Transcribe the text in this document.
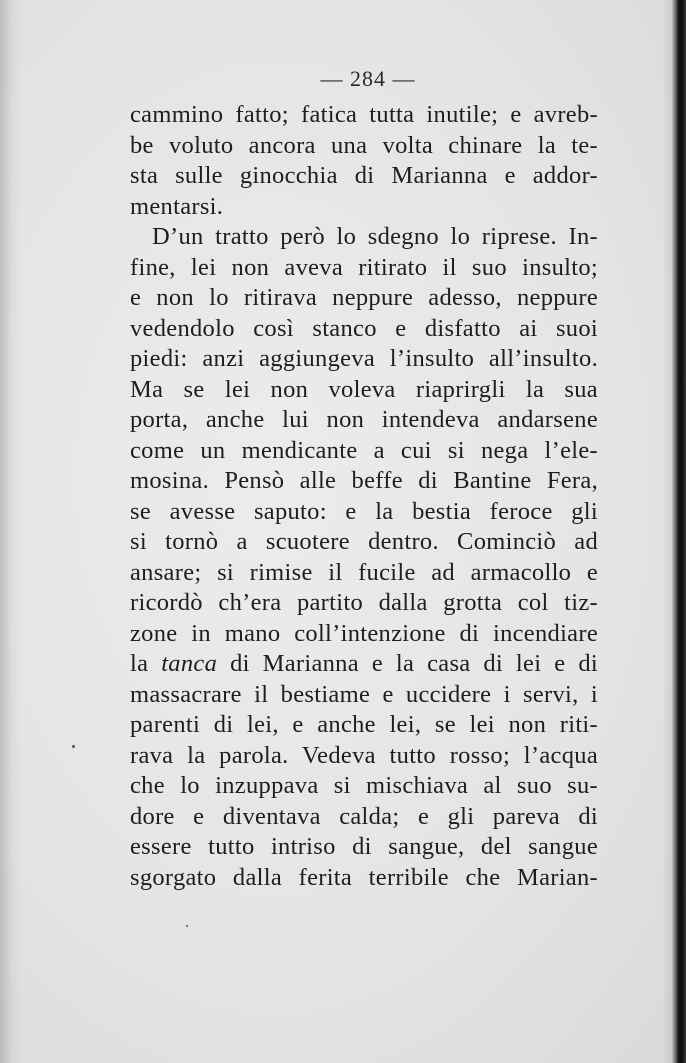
— 284 —
cammino fatto; fatica tutta inutile; e avreb-
be voluto ancora una volta chinare la te-
sta sulle ginocchia di Marianna e addor-
mentarsi.
D’un tratto però lo sdegno lo riprese. In-
fine, lei non aveva ritirato il suo insulto;
e non lo ritirava neppure adesso, neppure
vedendolo così stanco e disfatto ai suoi
piedi: anzi aggiungeva l’insulto all’insulto.
Ma se lei non voleva riaprirgli la sua
porta, anche lui non intendeva andarsene
come un mendicante a cui si nega l’ele-
mosina. Pensò alle beffe di Bantine Fera,
se avesse saputo: e la bestia feroce gli
si tornò a scuotere dentro. Cominciò ad
ansare; si rimise il fucile ad armacollo e
ricordò ch’era partito dalla grotta col tiz-
zone in mano coll’intenzione di incendiare
la tanca di Marianna e la casa di lei e di
massacrare il bestiame e uccidere i servi, i
parenti di lei, e anche lei, se lei non riti-
rava la parola. Vedeva tutto rosso; l’acqua
che lo inzuppava si mischiava al suo su-
dore e diventava calda; e gli pareva di
essere tutto intriso di sangue, del sangue
sgorgato dalla ferita terribile che Marian-
